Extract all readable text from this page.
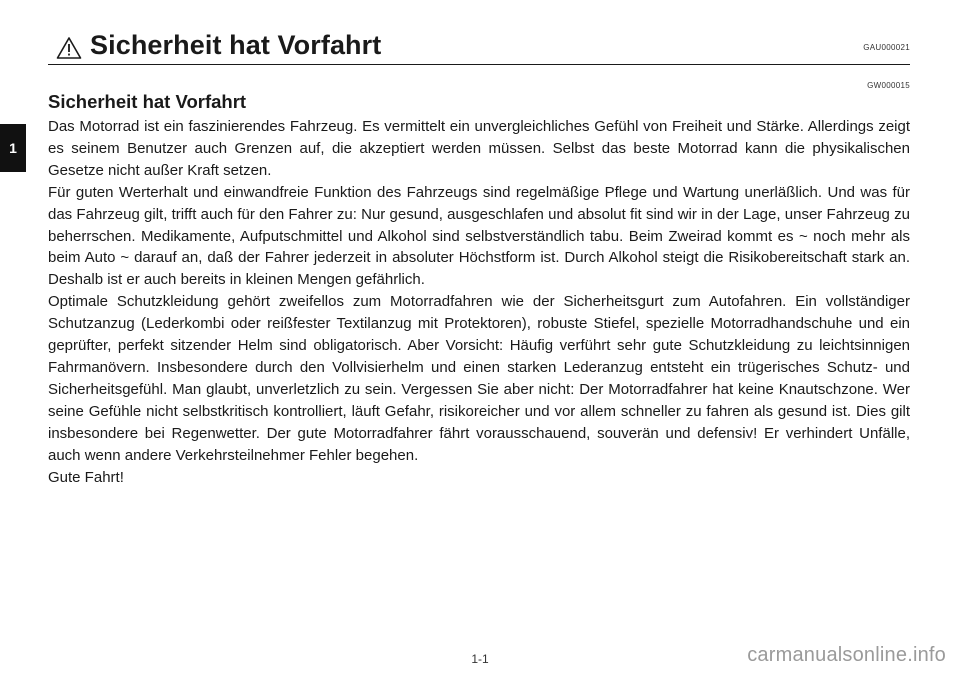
Sicherheit hat Vorfahrt	GAU000021
1
GW000015
Sicherheit hat Vorfahrt

Das Motorrad ist ein faszinierendes Fahrzeug. Es vermittelt ein unvergleichliches Gefühl von Freiheit und Stärke. Allerdings zeigt es seinem Benutzer auch Grenzen auf, die akzeptiert werden müssen. Selbst das beste Motorrad kann die physikalischen Gesetze nicht außer Kraft setzen.

Für guten Werterhalt und einwandfreie Funktion des Fahrzeugs sind regelmäßige Pflege und Wartung unerläßlich. Und was für das Fahrzeug gilt, trifft auch für den Fahrer zu: Nur gesund, ausgeschlafen und absolut fit sind wir in der Lage, unser Fahrzeug zu beherrschen. Medikamente, Aufputschmittel und Alkohol sind selbstverständlich tabu. Beim Zweirad kommt es ~ noch mehr als beim Auto ~ darauf an, daß der Fahrer jederzeit in absoluter Höchstform ist. Durch Alkohol steigt die Risikobereitschaft stark an. Deshalb ist er auch bereits in kleinen Mengen gefährlich.

Optimale Schutzkleidung gehört zweifellos zum Motorradfahren wie der Sicherheitsgurt zum Autofahren. Ein vollständiger Schutzanzug (Lederkombi oder reißfester Textilanzug mit Protektoren), robuste Stiefel, spezielle Motorradhandschuhe und ein geprüfter, perfekt sitzender Helm sind obligatorisch. Aber Vorsicht: Häufig verführt sehr gute Schutzkleidung zu leichtsinnigen Fahrmanövern. Insbesondere durch den Vollvisierhelm und einen starken Lederanzug entsteht ein trügerisches Schutz- und Sicherheitsgefühl. Man glaubt, unverletzlich zu sein. Vergessen Sie aber nicht: Der Motorradfahrer hat keine Knautschzone. Wer seine Gefühle nicht selbstkritisch kontrolliert, läuft Gefahr, risikoreicher und vor allem schneller zu fahren als gesund ist. Dies gilt insbesondere bei Regenwetter. Der gute Motorradfahrer fährt vorausschauend, souverän und defensiv! Er verhindert Unfälle, auch wenn andere Verkehrsteilnehmer Fehler begehen.

Gute Fahrt!

1-1	carmanualsonline.info
